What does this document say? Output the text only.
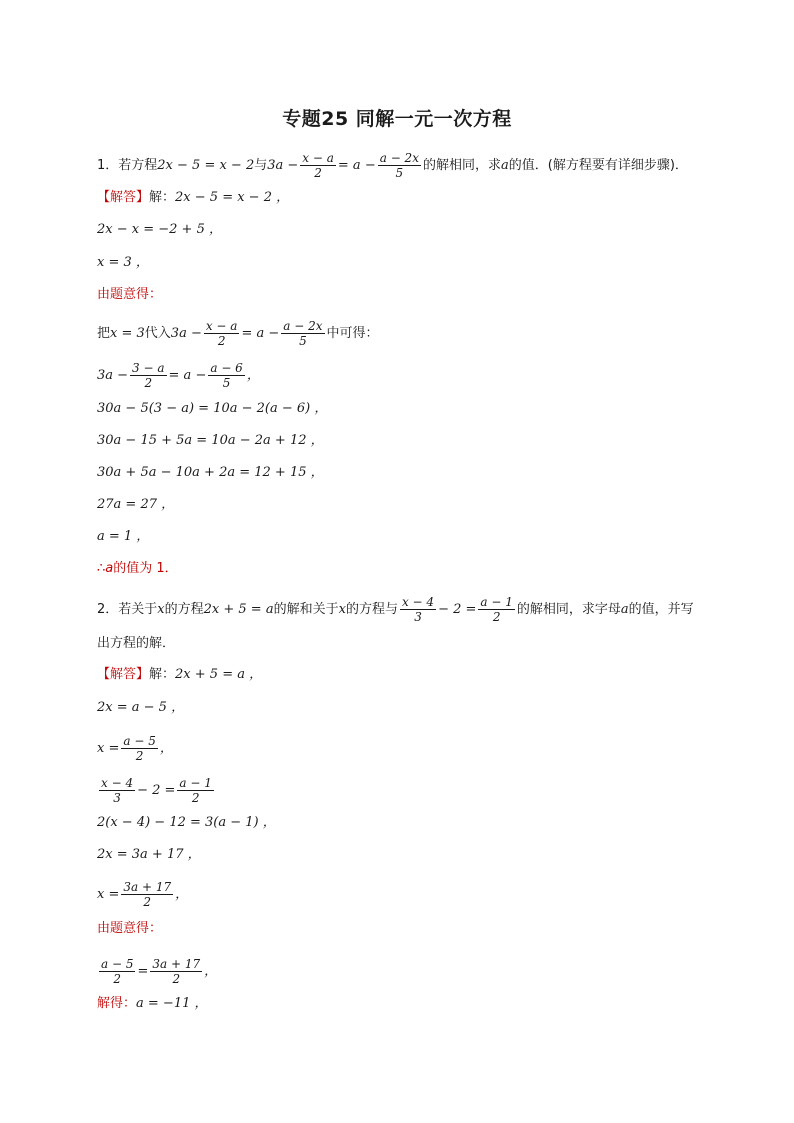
专题25 同解一元一次方程
1．若方程 2x − 5 = x − 2 与 $3a - \frac{x - a}{2} = a - \frac{a - 2x}{5}$ 的解相同，求 a 的值．(解方程要有详细步骤)．
【解答】 解： 2x − 5 = x − 2 ，
2x − x = −2 + 5 ，
x = 3 ，
由题意得：
把 x = 3 代入 $3a - \frac{x - a}{2} = a - \frac{a - 2x}{5}$ 中可得：
$3a - \frac{3 - a}{2} = a - \frac{a - 6}{5}$ ，
30a − 5(3 − a) = 10a − 2(a − 6) ，
30a − 15 + 5a = 10a − 2a + 12 ，
30a + 5a − 10a + 2a = 12 + 15 ，
27a = 27 ，
a = 1 ，
∴ a 的值为 1．
2．若关于 x 的方程 2x + 5 = a 的解和关于 x 的方程与 $\frac{x - 4}{3} - 2 = \frac{a - 1}{2}$ 的解相同，求字母 a 的值，并写
出方程的解．
【解答】 解： 2x + 5 = a ，
2x = a − 5 ，
$x = \frac{a - 5}{2}$ ，
$\frac{x - 4}{3} - 2 = \frac{a - 1}{2}$
2(x − 4) − 12 = 3(a − 1) ，
2x = 3a + 17 ，
$x = \frac{3a + 17}{2}$ ，
由题意得：
$\frac{a - 5}{2} = \frac{3a + 17}{2}$ ，
解得： a = −11 ，
